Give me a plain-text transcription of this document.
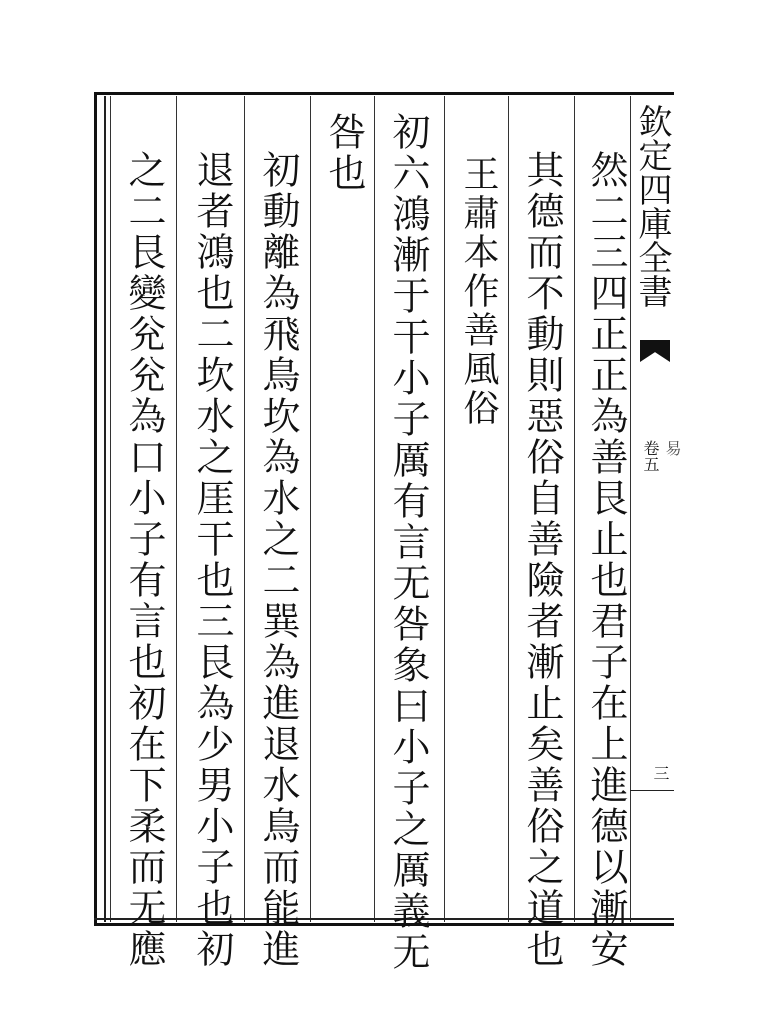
欽定四庫全書
卷五 易
三
然二三四正正為善艮止也君子在上進德以漸安
其德而不動則惡俗自善險者漸止矣善俗之道也
王肅本作善風俗
初六鴻漸于干小子厲有言无咎象曰小子之厲義无
咎也
初動離為飛鳥坎為水之二巽為進退水鳥而能進
退者鴻也二坎水之厓干也三艮為少男小子也初
之二艮變兊兊為口小子有言也初在下柔而无應
